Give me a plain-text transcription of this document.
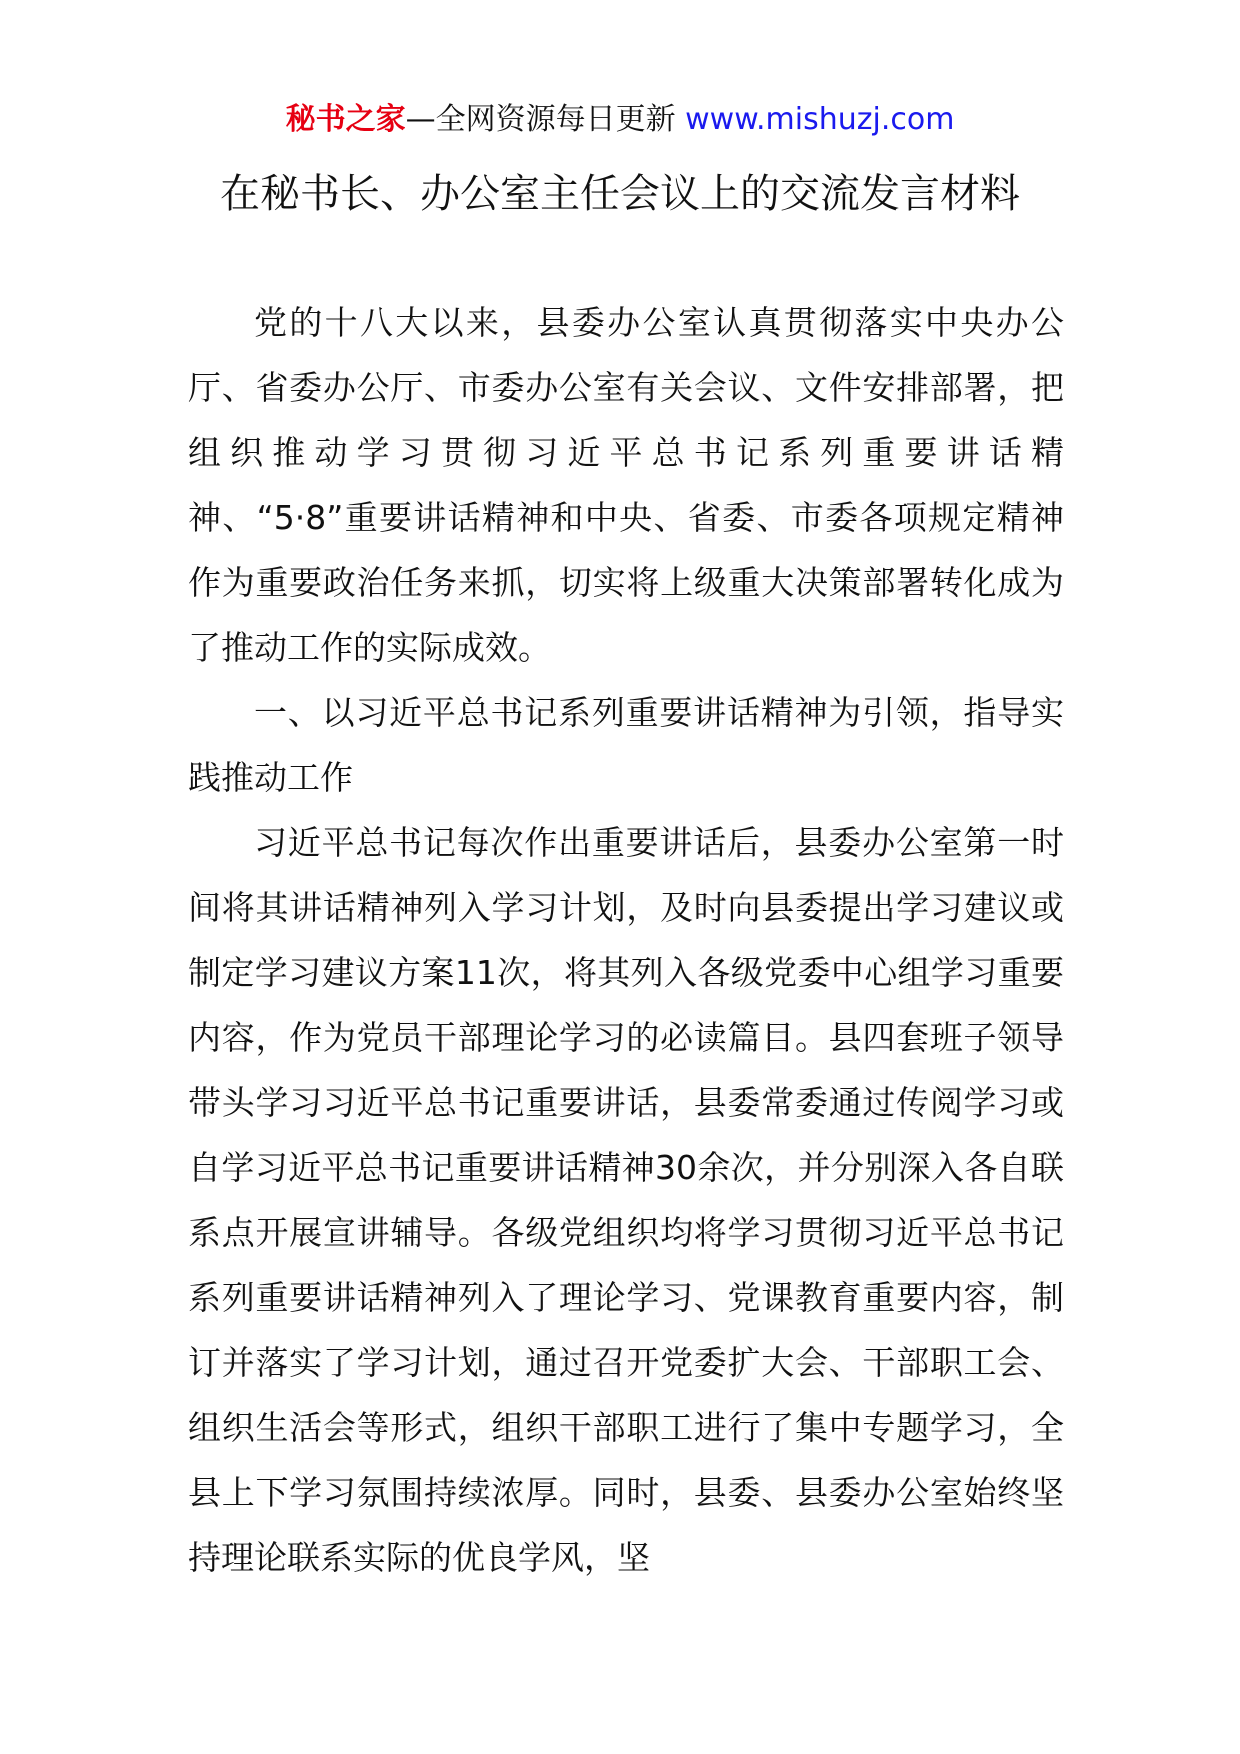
秘书之家—全网资源每日更新 www.mishuzj.com
在秘书长、办公室主任会议上的交流发言材料

党的十八大以来，县委办公室认真贯彻落实中央办公厅、省委办公厅、市委办公室有关会议、文件安排部署，把组织推动学习贯彻习近平总书记系列重要讲话精神、“5·8”重要讲话精神和中央、省委、市委各项规定精神作为重要政治任务来抓，切实将上级重大决策部署转化成为了推动工作的实际成效。

一、以习近平总书记系列重要讲话精神为引领，指导实践推动工作

习近平总书记每次作出重要讲话后，县委办公室第一时间将其讲话精神列入学习计划，及时向县委提出学习建议或制定学习建议方案11次，将其列入各级党委中心组学习重要内容，作为党员干部理论学习的必读篇目。县四套班子领导带头学习习近平总书记重要讲话，县委常委通过传阅学习或自学习近平总书记重要讲话精神30余次，并分别深入各自联系点开展宣讲辅导。各级党组织均将学习贯彻习近平总书记系列重要讲话精神列入了理论学习、党课教育重要内容，制订并落实了学习计划，通过召开党委扩大会、干部职工会、组织生活会等形式，组织干部职工进行了集中专题学习，全县上下学习氛围持续浓厚。同时，县委、县委办公室始终坚持理论联系实际的优良学风，坚
